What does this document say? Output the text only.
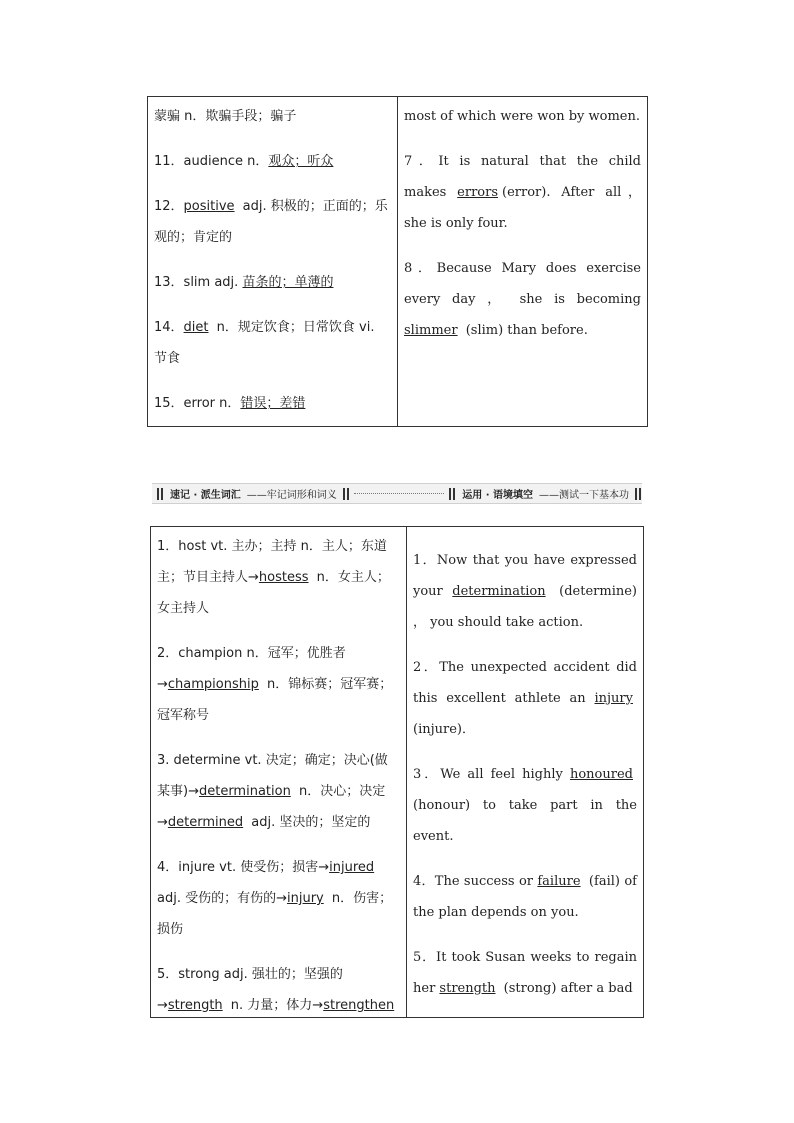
蒙骗 n．欺骗手段；骗子
11．audience n．观众；听众
12．positive adj. 积极的；正面的；乐观的；肯定的
13．slim adj. 苗条的；单薄的
14．diet n．规定饮食；日常饮食 vi. 节食
15．error n．错误；差错
most of which were won by women.
7．It is natural that the child makes errors (error). After all， she is only four.
8．Because Mary does exercise every day ， she is becoming slimmer (slim) than before.
速记 · 派生词汇 ——牢记词形和词义	运用 · 语境填空 ——测试一下基本功
1．host vt. 主办；主持 n．主人；东道主；节目主持人→hostess n．女主人；女主持人
2．champion n．冠军；优胜者→championship n．锦标赛；冠军赛；冠军称号
3. determine vt. 决定；确定；决心(做某事)→determination n．决心；决定→determined adj. 坚决的；坚定的
4．injure vt. 使受伤；损害→injured adj. 受伤的；有伤的→injury n．伤害；损伤
5．strong adj. 强壮的；坚强的→strength n. 力量；体力→strengthen
1．Now that you have expressed your determination (determine) ， you should take action.
2．The unexpected accident did this excellent athlete an injury (injure)．
3．We all feel highly honoured (honour) to take part in the event.
4．The success or failure (fail) of the plan depends on you.
5．It took Susan weeks to regain her strength (strong) after a bad
